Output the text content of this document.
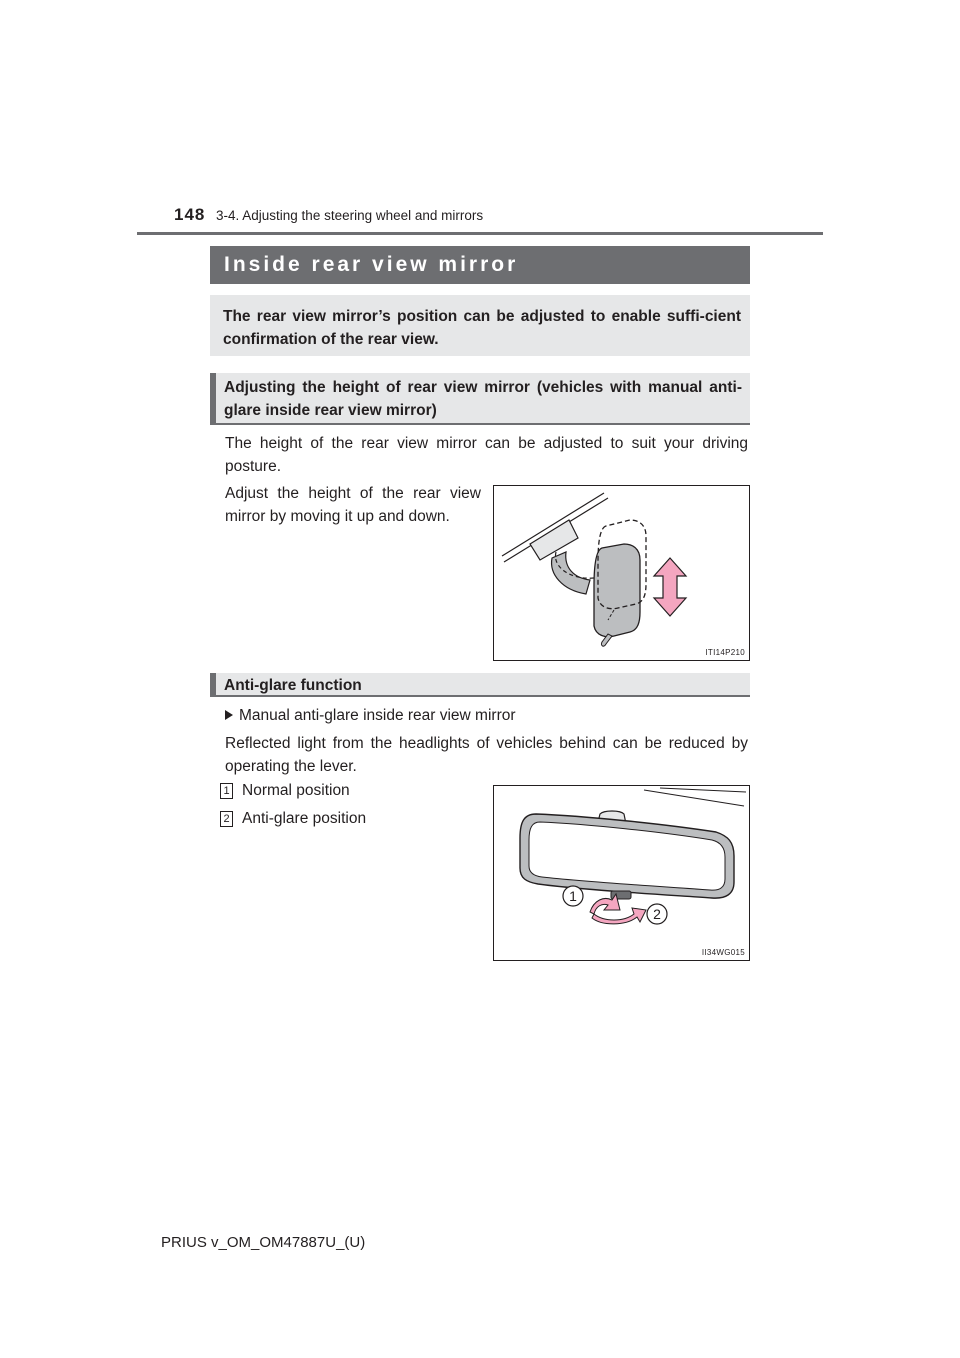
148 3-4. Adjusting the steering wheel and mirrors
Inside rear view mirror

The rear view mirror’s position can be adjusted to enable suffi-cient confirmation of the rear view.

Adjusting the height of rear view mirror (vehicles with manual anti-glare inside rear view mirror)

The height of the rear view mirror can be adjusted to suit your driving posture.

Adjust the height of the rear view mirror by moving it up and down.

ITI14P210

Anti-glare function

Manual anti-glare inside rear view mirror

Reflected light from the headlights of vehicles behind can be reduced by operating the lever.

1 Normal position
2 Anti-glare position
1
2
II34WG015
PRIUS v_OM_OM47887U_(U)
